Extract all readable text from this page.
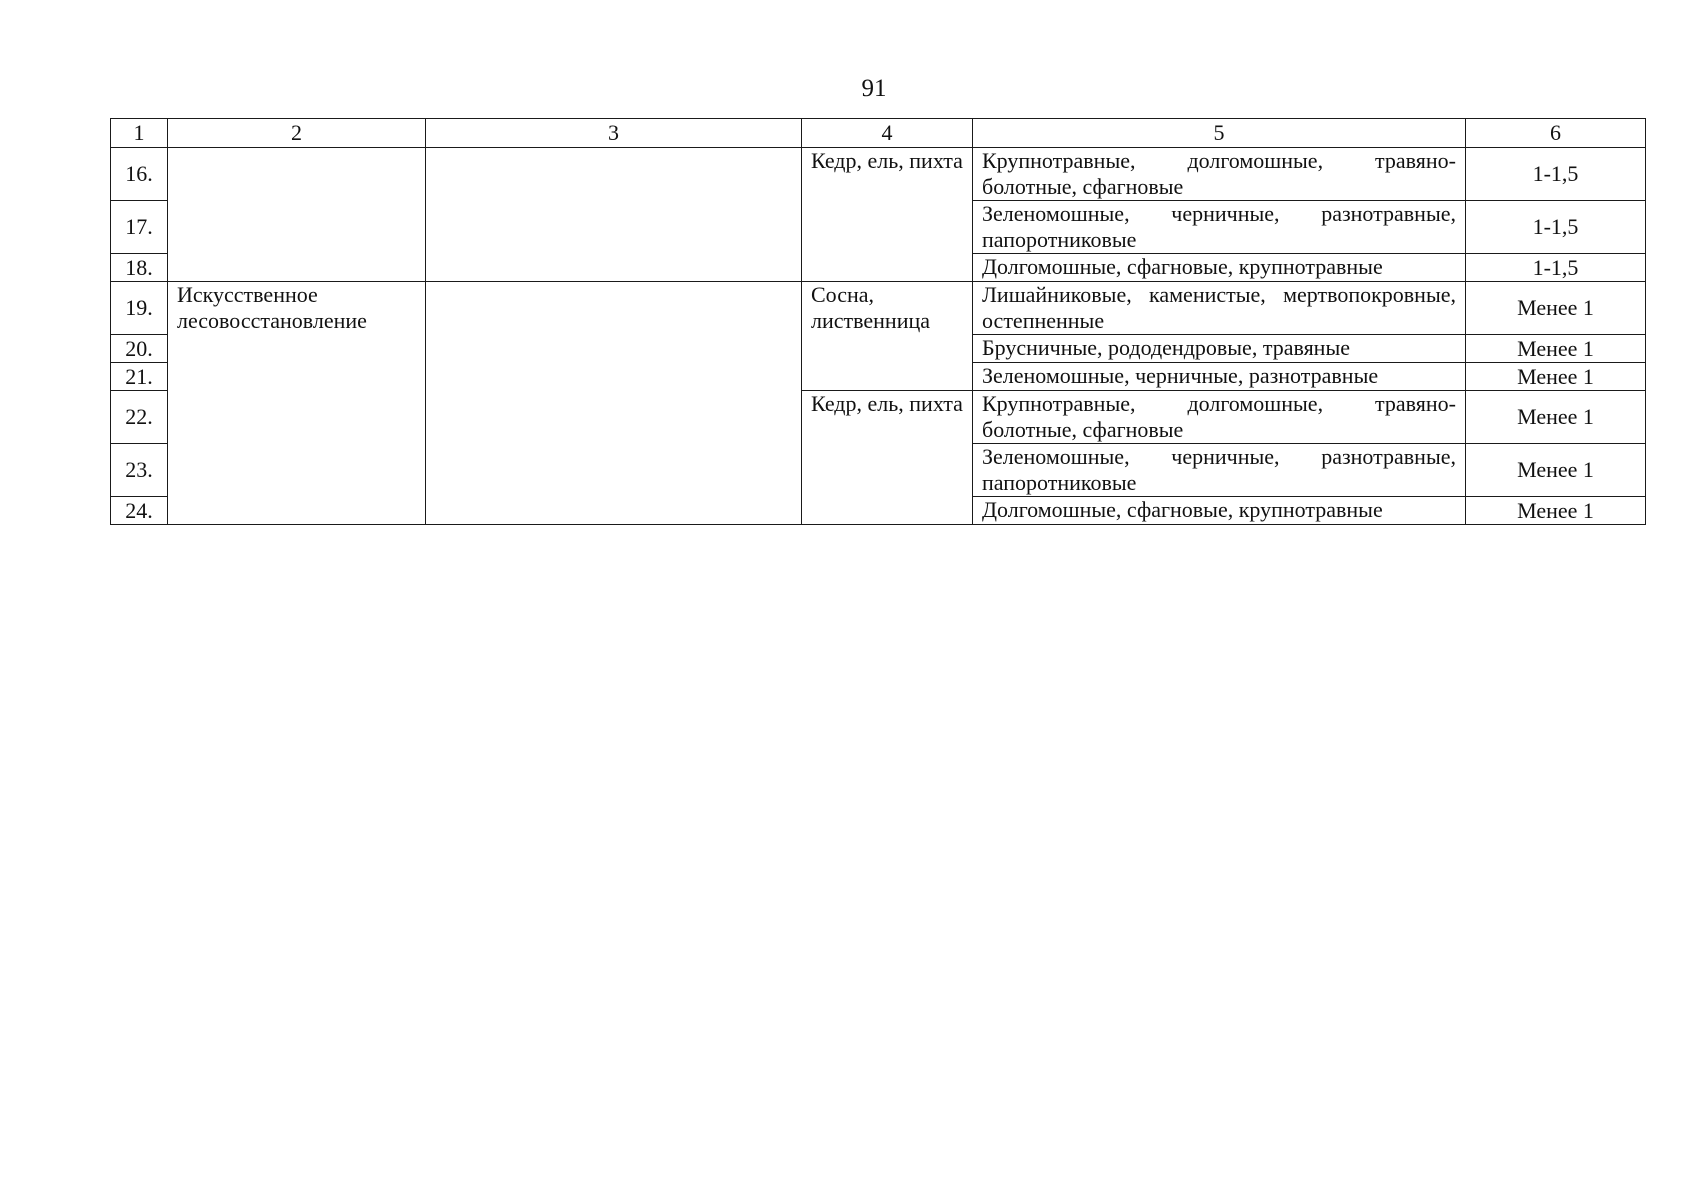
91
1	2	3	4	5	6
16.			Кедр, ель, пихта	Крупнотравные, долгомошные, травяно-болотные, сфагновые	1-1,5
17.				Зеленомошные, черничные, разнотравные, папоротниковые	1-1,5
18.				Долгомошные, сфагновые, крупнотравные	1-1,5
19.	Искусственное лесовосстановление		Сосна, лиственница	Лишайниковые, каменистые, мертвопокровные, остепненные	Менее 1
20.				Брусничные, рододендровые, травяные	Менее 1
21.				Зеленомошные, черничные, разнотравные	Менее 1
22.			Кедр, ель, пихта	Крупнотравные, долгомошные, травяно-болотные, сфагновые	Менее 1
23.				Зеленомошные, черничные, разнотравные, папоротниковые	Менее 1
24.				Долгомошные, сфагновые, крупнотравные	Менее 1
